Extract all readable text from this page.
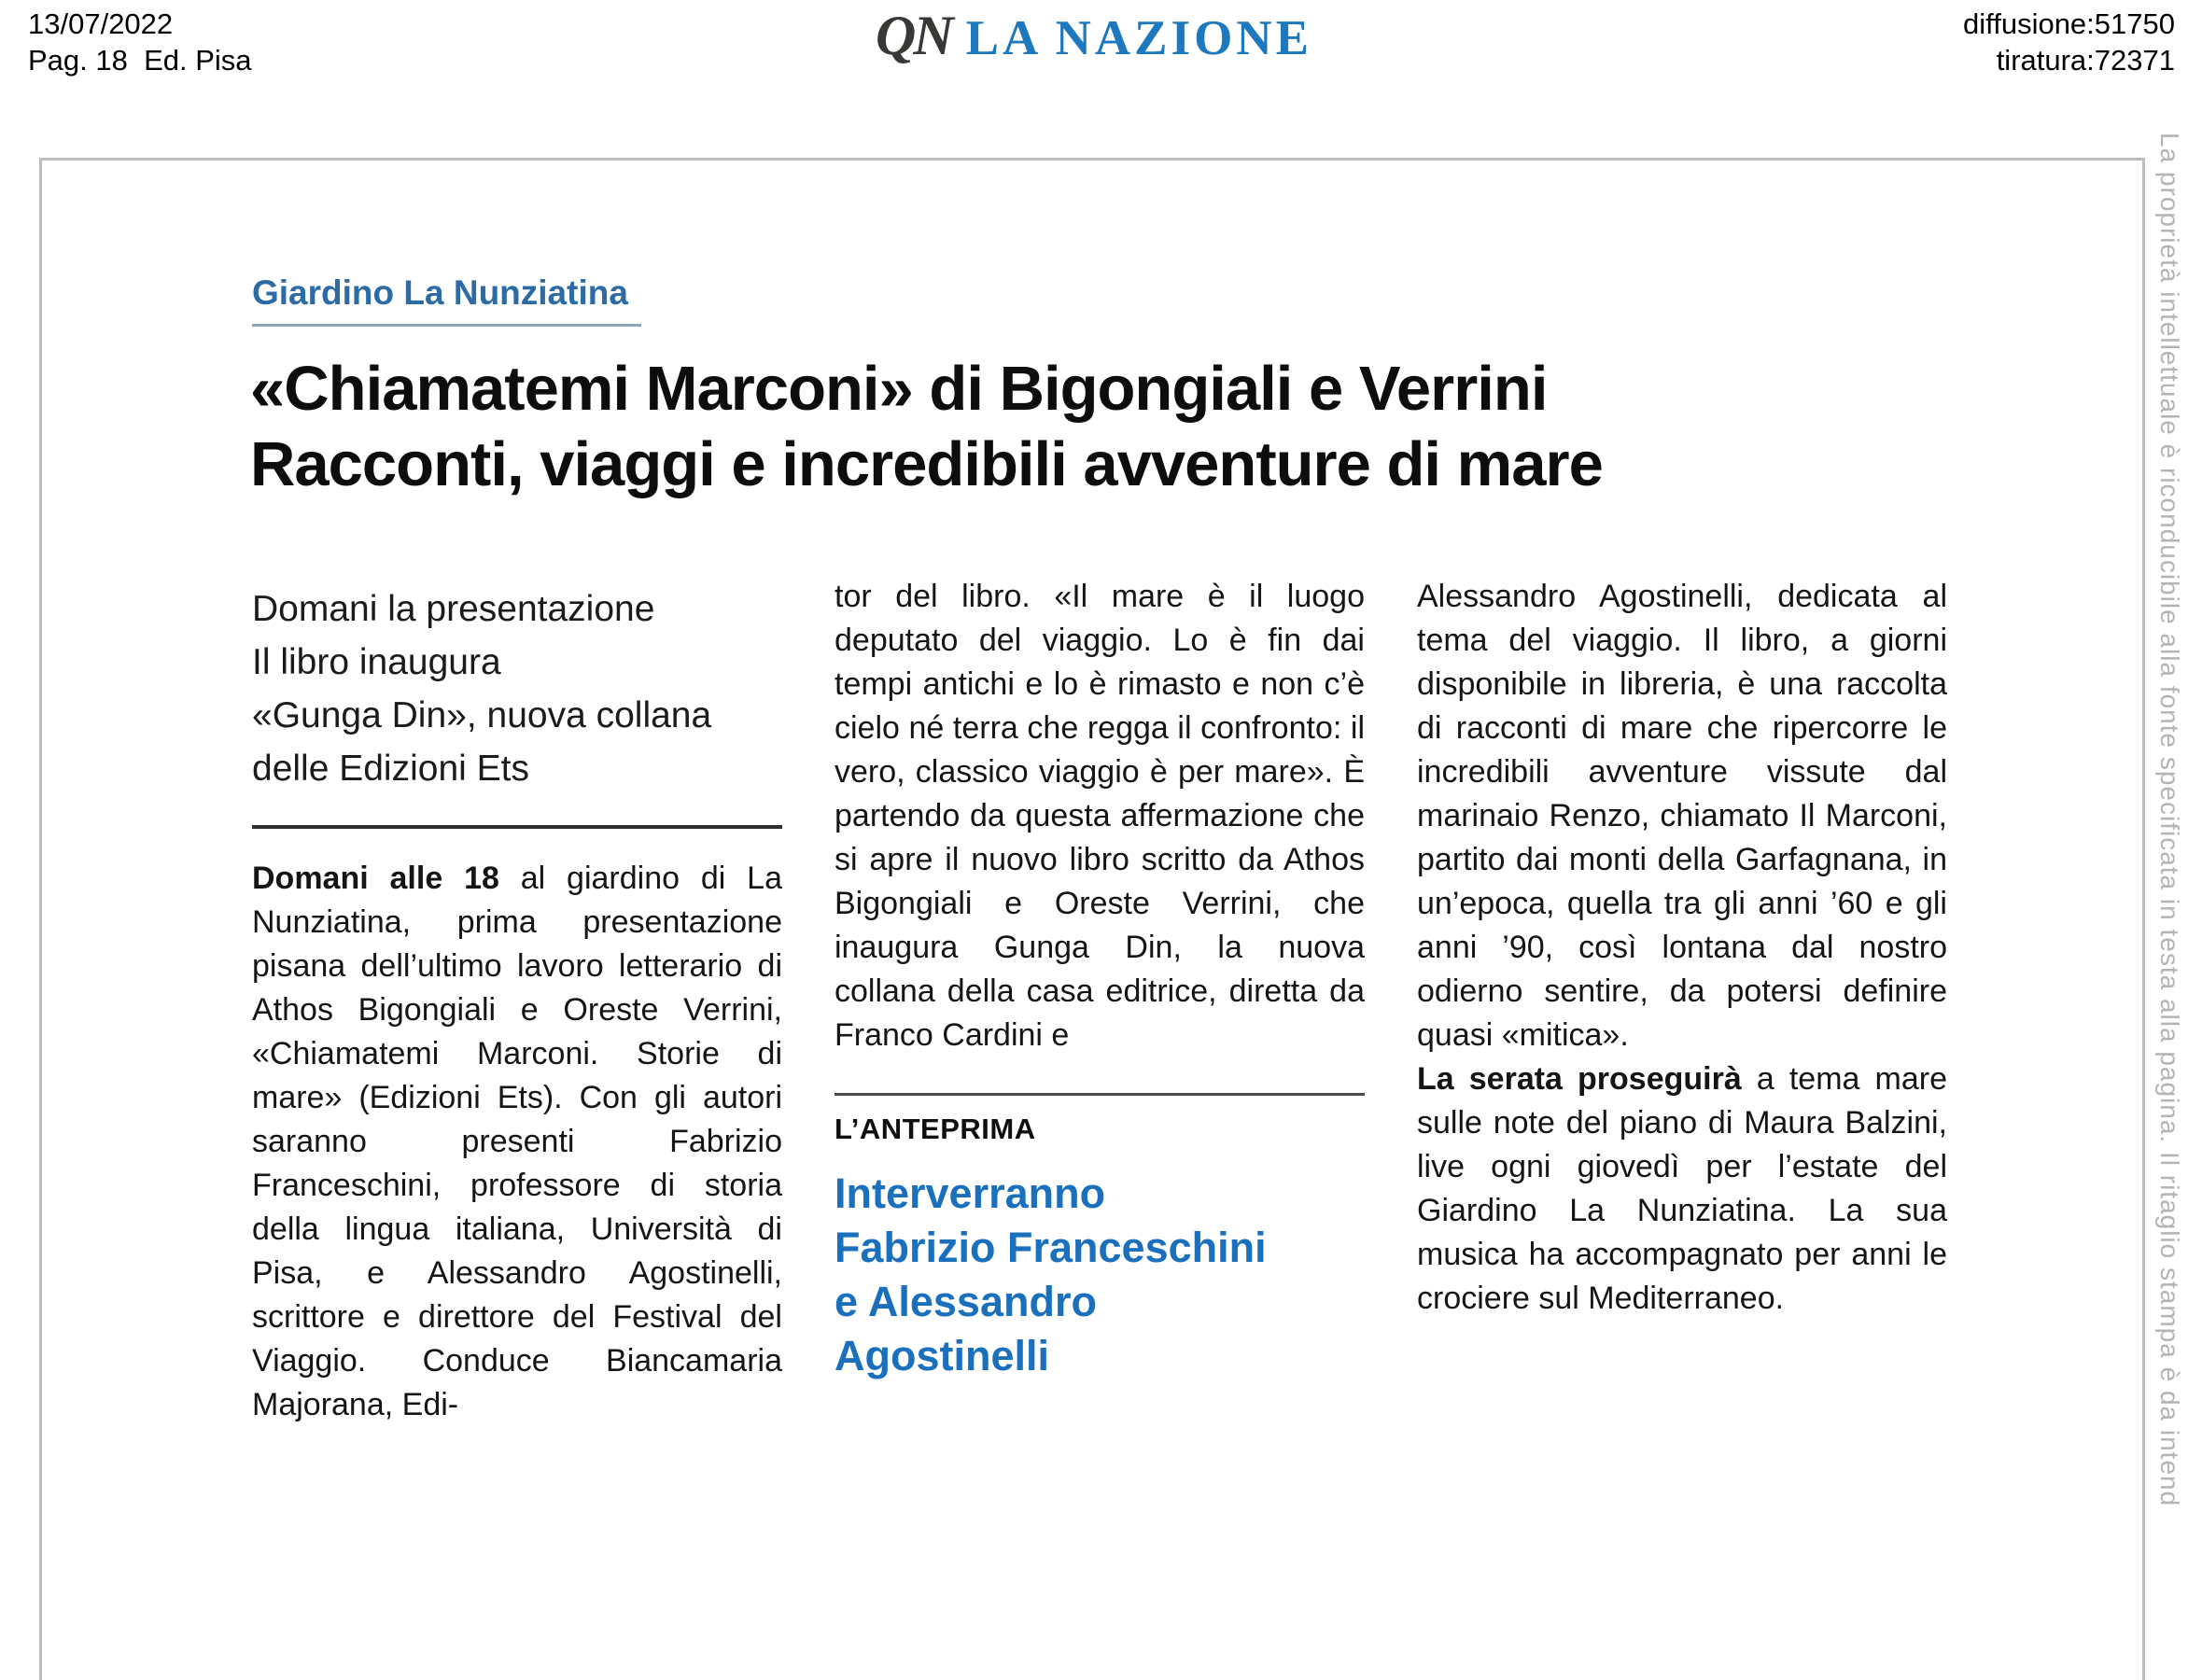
13/07/2022
Pag. 18  Ed. Pisa	QN LA NAZIONE	diffusione:51750
tiratura:72371
La proprietà intellettuale è riconducibile alla fonte specificata in testa alla pagina. Il ritaglio stampa è da intend
Giardino La Nunziatina
«Chiamatemi Marconi» di Bigongiali e Verrini
Racconti, viaggi e incredibili avventure di mare
Domani la presentazione
Il libro inaugura
«Gunga Din», nuova collana
delle Edizioni Ets

Domani alle 18 al giardino di La Nunziatina, prima presentazione pisana dell’ultimo lavoro letterario di Athos Bigongiali e Oreste Verrini, «Chiamatemi Marconi. Storie di mare» (Edizioni Ets). Con gli autori saranno presenti Fabrizio Franceschini, professore di storia della lingua italiana, Università di Pisa, e Alessandro Agostinelli, scrittore e direttore del Festival del Viaggio. Conduce Biancamaria Majorana, Edi-

tor del libro. «Il mare è il luogo deputato del viaggio. Lo è fin dai tempi antichi e lo è rimasto e non c’è cielo né terra che regga il confronto: il vero, classico viaggio è per mare». È partendo da questa affermazione che si apre il nuovo libro scritto da Athos Bigongiali e Oreste Verrini, che inaugura Gunga Din, la nuova collana della casa editrice, diretta da Franco Cardini e

L’ANTEPRIMA
Interverranno
Fabrizio Franceschini
e Alessandro
Agostinelli

Alessandro Agostinelli, dedicata al tema del viaggio. Il libro, a giorni disponibile in libreria, è una raccolta di racconti di mare che ripercorre le incredibili avventure vissute dal marinaio Renzo, chiamato Il Marconi, partito dai monti della Garfagnana, in un’epoca, quella tra gli anni ’60 e gli anni ’90, così lontana dal nostro odierno sentire, da potersi definire quasi «mitica».

La serata proseguirà a tema mare sulle note del piano di Maura Balzini, live ogni giovedì per l’estate del Giardino La Nunziatina. La sua musica ha accompagnato per anni le crociere sul Mediterraneo.
